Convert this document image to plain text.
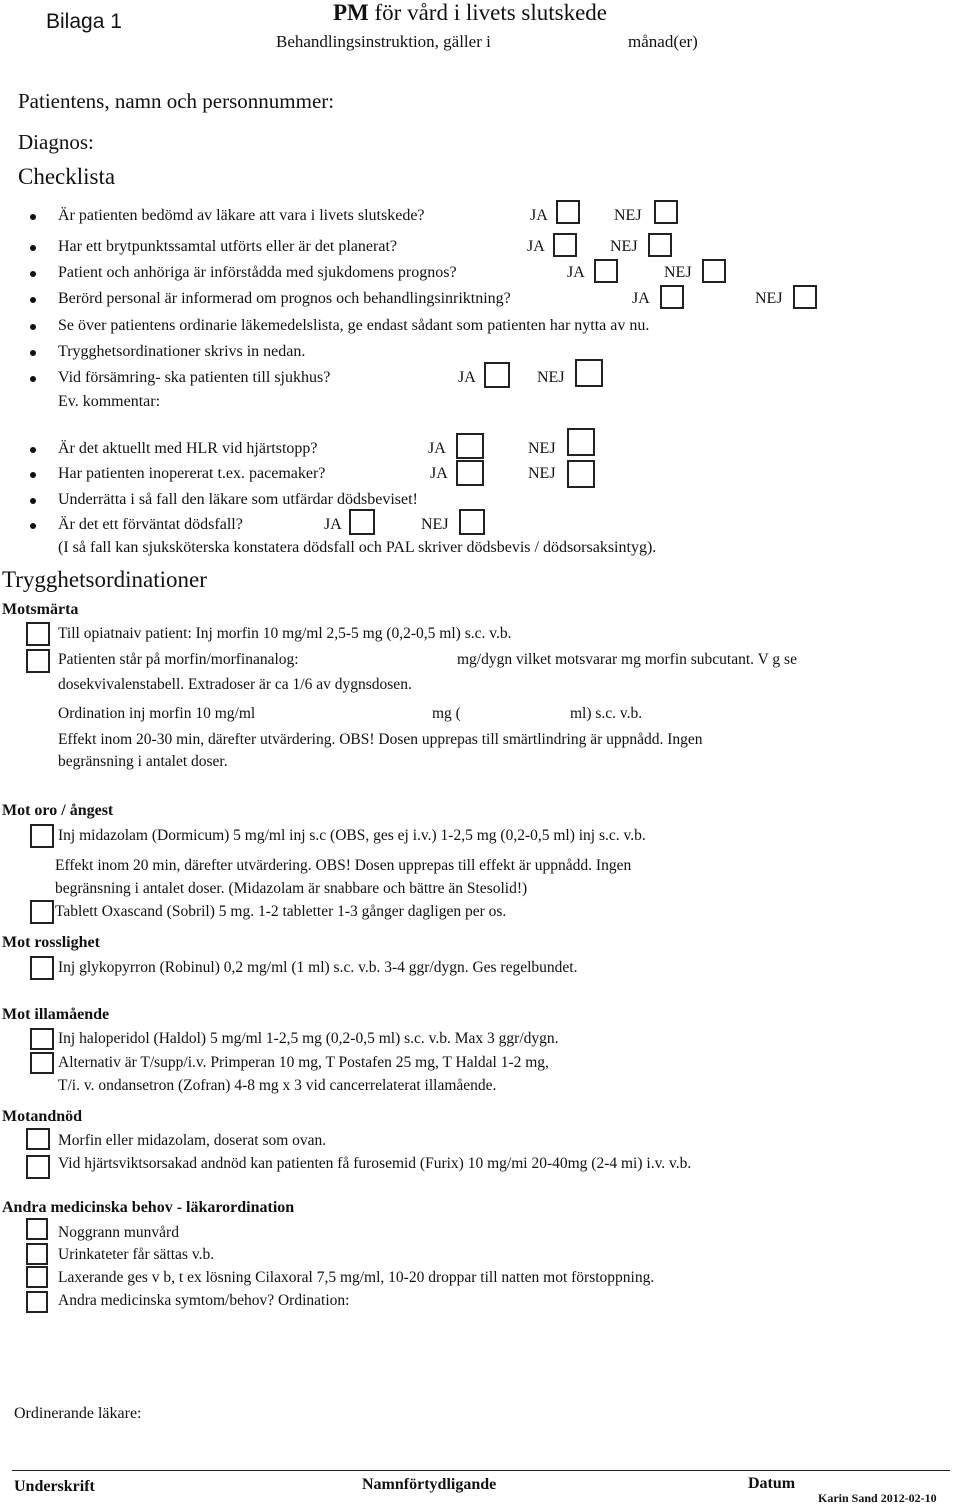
Bilaga 1	PM för vård i livets slutskede
Behandlingsinstruktion, gäller i	månad(er)
Patientens, namn och personnummer:
Diagnos:
Checklista
Är patienten bedömd av läkare att vara i livets slutskede?	JA	NEJ
Har ett brytpunktssamtal utförts eller är det planerat?	JA	NEJ
Patient och anhöriga är införstådda med sjukdomens prognos?	JA	NEJ
Berörd personal är informerad om prognos och behandlingsinriktning?	JA	NEJ
Se över patientens ordinarie läkemedelslista, ge endast sådant som patienten har nytta av nu.
Trygghetsordinationer skrivs in nedan.
Vid försämring- ska patienten till sjukhus?	JA	NEJ
Ev. kommentar:
Är det aktuellt med HLR vid hjärtstopp?	JA	NEJ
Har patienten inopererat t.ex. pacemaker?	JA	NEJ
Underrätta i så fall den läkare som utfärdar dödsbeviset!
Är det ett förväntat dödsfall?	JA	NEJ
(I så fall kan sjuksköterska konstatera dödsfall och PAL skriver dödsbevis / dödsorsaksintyg).
Trygghetsordinationer
Motsmärta
Till opiatnaiv patient: Inj morfin 10 mg/ml 2,5-5 mg (0,2-0,5 ml) s.c. v.b.
Patienten står på morfin/morfinanalog:	mg/dygn vilket motsvarar mg morfin subcutant. V g se
dosekvivalenstabell. Extradoser är ca 1/6 av dygnsdosen.
Ordination inj morfin 10 mg/ml	mg (	ml) s.c. v.b.
Effekt inom 20-30 min, därefter utvärdering. OBS! Dosen upprepas till smärtlindring är uppnådd. Ingen
begränsning i antalet doser.
Mot oro / ångest
Inj midazolam (Dormicum) 5 mg/ml inj s.c (OBS, ges ej i.v.) 1-2,5 mg (0,2-0,5 ml) inj s.c. v.b.
Effekt inom 20 min, därefter utvärdering. OBS! Dosen upprepas till effekt är uppnådd. Ingen
begränsning i antalet doser. (Midazolam är snabbare och bättre än Stesolid!)
Tablett Oxascand (Sobril) 5 mg. 1-2 tabletter 1-3 gånger dagligen per os.
Mot rosslighet
Inj glykopyrron (Robinul) 0,2 mg/ml (1 ml) s.c. v.b. 3-4 ggr/dygn. Ges regelbundet.
Mot illamående
Inj haloperidol (Haldol) 5 mg/ml 1-2,5 mg (0,2-0,5 ml) s.c. v.b. Max 3 ggr/dygn.
Alternativ är T/supp/i.v. Primperan 10 mg, T Postafen 25 mg, T Haldal 1-2 mg,
T/i. v. ondansetron (Zofran) 4-8 mg x 3 vid cancerrelaterat illamående.
Motandnöd
Morfin eller midazolam, doserat som ovan.
Vid hjärtsviktsorsakad andnöd kan patienten få furosemid (Furix) 10 mg/mi 20-40mg (2-4 mi) i.v. v.b.
Andra medicinska behov - läkarordination
Noggrann munvård
Urinkateter får sättas v.b.
Laxerande ges v b, t ex lösning Cilaxoral 7,5 mg/ml, 10-20 droppar till natten mot förstoppning.
Andra medicinska symtom/behov? Ordination:
Ordinerande läkare:
Underskrift	Namnförtydligande	Datum
Karin Sand 2012-02-10
